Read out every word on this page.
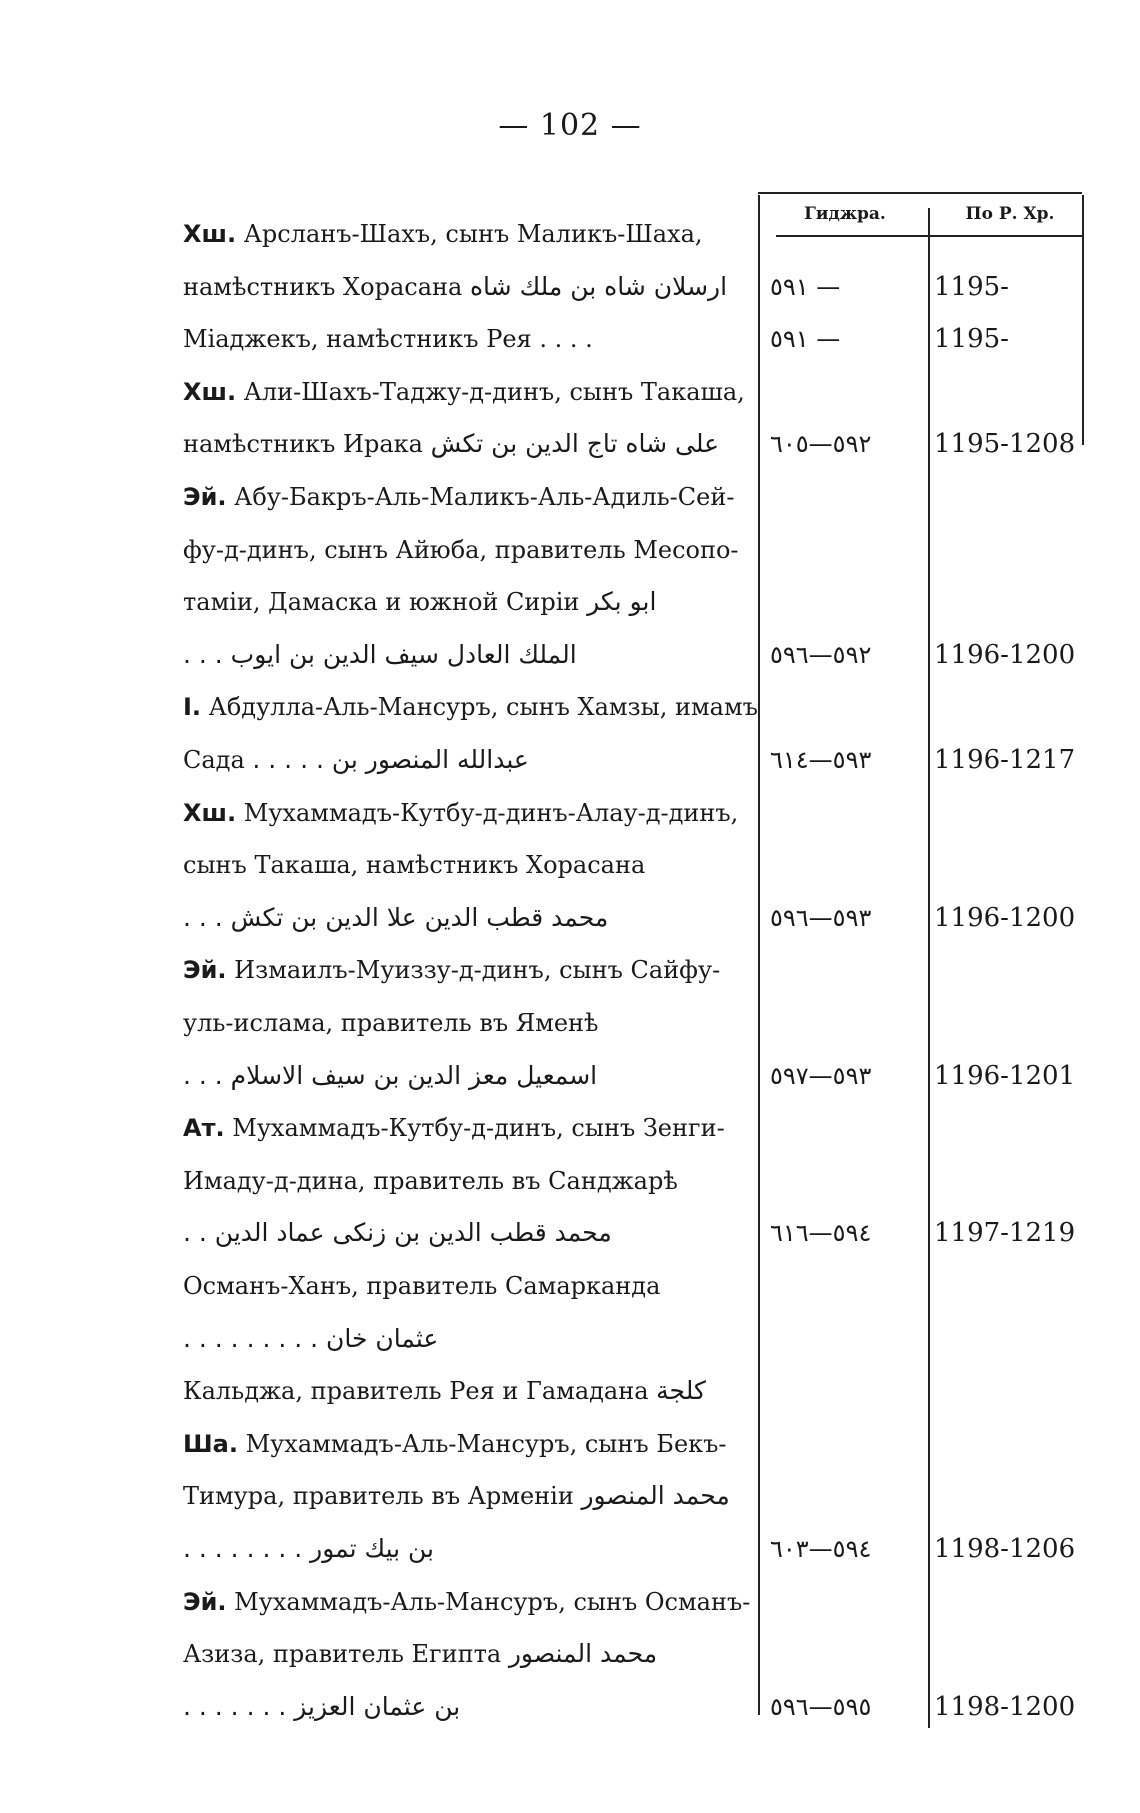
— 102 —
Гиджра.	По Р. Хр.
Хш. Арсланъ-Шахъ, сынъ Маликъ-Шаха,
намѣстникъ Хорасана ارسلان شاه بن ملك شاه	٥٩١ —	1195-
Міаджекъ, намѣстникъ Рея . . . .	٥٩١ —	1195-
Хш. Али-Шахъ-Таджу-д-динъ, сынъ Такаша,
намѣстникъ Ирака على شاه تاج الدين بن تكش	٥٩٢—٦٠٥	1195-1208
Эй. Абу-Бакръ-Аль-Маликъ-Аль-Адиль-Сей-
фу-д-динъ, сынъ Айюба, правитель Месопо-
таміи, Дамаска и южной Сиріи ابو بكر
الملك العادل سيف الدين بن ايوب . . .	٥٩٢—٥٩٦	1196-1200
І. Абдулла-Аль-Мансуръ, сынъ Хамзы, имамъ
Сада عبدالله المنصور بن . . . . .	٥٩٣—٦١٤	1196-1217
Хш. Мухаммадъ-Кутбу-д-динъ-Алау-д-динъ,
сынъ Такаша, намѣстникъ Хорасана
محمد قطب الدين علا الدين بن تكش . . .	٥٩٣—٥٩٦	1196-1200
Эй. Измаилъ-Муиззу-д-динъ, сынъ Сайфу-
уль-ислама, правитель въ Яменѣ
اسمعيل معز الدين بن سيف الاسلام . . .	٥٩٣—٥٩٧	1196-1201
Ат. Мухаммадъ-Кутбу-д-динъ, сынъ Зенги-
Имаду-д-дина, правитель въ Санджарѣ
محمد قطب الدين بن زنكى عماد الدين . .	٥٩٤—٦١٦	1197-1219
Османъ-Ханъ, правитель Самарканда
عثمان خان . . . . . . . . .
Кальджа, правитель Рея и Гамадана كلجة
Ша. Мухаммадъ-Аль-Мансуръ, сынъ Бекъ-
Тимура, правитель въ Арменіи محمد المنصور
بن بيك تمور . . . . . . . .	٥٩٤—٦٠٣	1198-1206
Эй. Мухаммадъ-Аль-Мансуръ, сынъ Османъ-
Азиза, правитель Египта محمد المنصور
بن عثمان العزيز . . . . . . .	٥٩٥—٥٩٦	1198-1200
